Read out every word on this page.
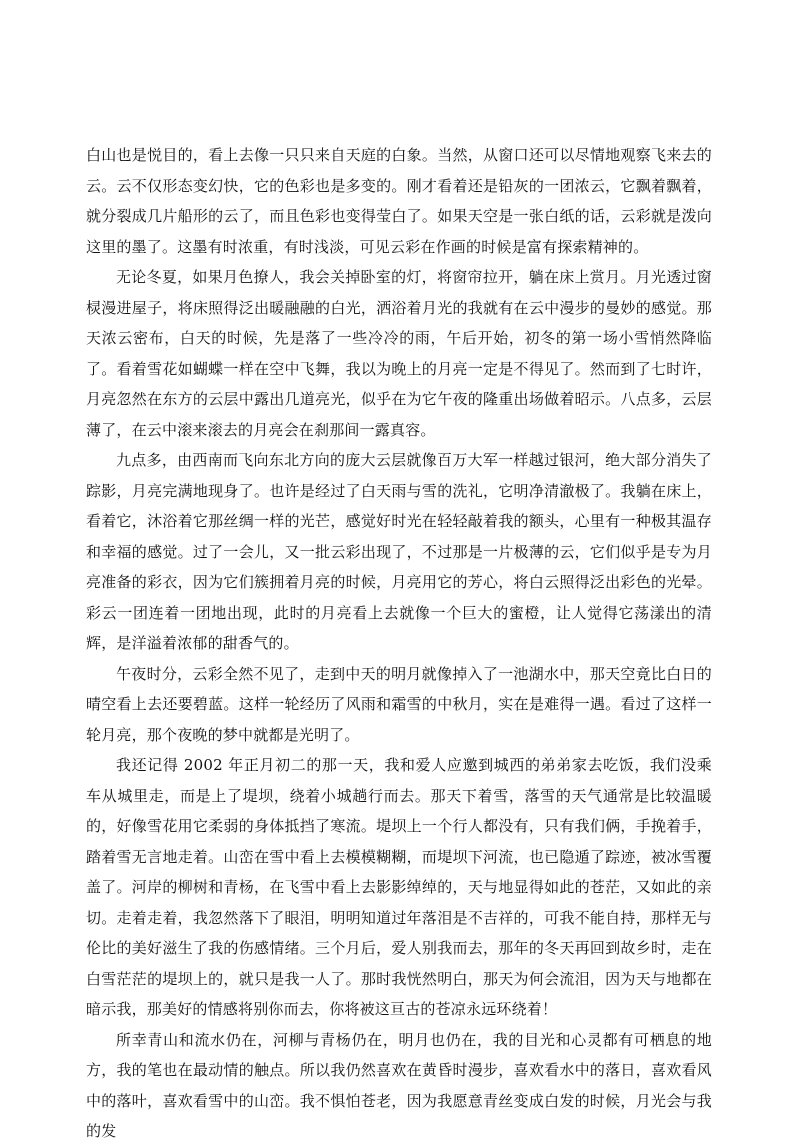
白山也是悦目的，看上去像一只只来自天庭的白象。当然，从窗口还可以尽情地观察飞来去的云。云不仅形态变幻快，它的色彩也是多变的。刚才看着还是铅灰的一团浓云，它飘着飘着，就分裂成几片船形的云了，而且色彩也变得莹白了。如果天空是一张白纸的话，云彩就是泼向这里的墨了。这墨有时浓重，有时浅淡，可见云彩在作画的时候是富有探索精神的。

无论冬夏，如果月色撩人，我会关掉卧室的灯，将窗帘拉开，躺在床上赏月。月光透过窗棂漫进屋子，将床照得泛出暖融融的白光，洒浴着月光的我就有在云中漫步的曼妙的感觉。那天浓云密布，白天的时候，先是落了一些冷冷的雨，午后开始，初冬的第一场小雪悄然降临了。看着雪花如蝴蝶一样在空中飞舞，我以为晚上的月亮一定是不得见了。然而到了七时许，月亮忽然在东方的云层中露出几道亮光，似乎在为它午夜的隆重出场做着昭示。八点多，云层薄了，在云中滚来滚去的月亮会在刹那间一露真容。

九点多，由西南而飞向东北方向的庞大云层就像百万大军一样越过银河，绝大部分消失了踪影，月亮完满地现身了。也许是经过了白天雨与雪的洗礼，它明净清澈极了。我躺在床上，看着它，沐浴着它那丝绸一样的光芒，感觉好时光在轻轻敲着我的额头，心里有一种极其温存和幸福的感觉。过了一会儿，又一批云彩出现了，不过那是一片极薄的云，它们似乎是专为月亮准备的彩衣，因为它们簇拥着月亮的时候，月亮用它的芳心，将白云照得泛出彩色的光晕。彩云一团连着一团地出现，此时的月亮看上去就像一个巨大的蜜橙，让人觉得它荡漾出的清辉，是洋溢着浓郁的甜香气的。

午夜时分，云彩全然不见了，走到中天的明月就像掉入了一池湖水中，那天空竟比白日的晴空看上去还要碧蓝。这样一轮经历了风雨和霜雪的中秋月，实在是难得一遇。看过了这样一轮月亮，那个夜晚的梦中就都是光明了。

我还记得 2002 年正月初二的那一天，我和爱人应邀到城西的弟弟家去吃饭，我们没乘车从城里走，而是上了堤坝，绕着小城趟行而去。那天下着雪，落雪的天气通常是比较温暖的，好像雪花用它柔弱的身体抵挡了寒流。堤坝上一个行人都没有，只有我们俩，手挽着手，踏着雪无言地走着。山峦在雪中看上去模模糊糊，而堤坝下河流，也已隐遁了踪迹，被冰雪覆盖了。河岸的柳树和青杨，在飞雪中看上去影影绰绰的，天与地显得如此的苍茫，又如此的亲切。走着走着，我忽然落下了眼泪，明明知道过年落泪是不吉祥的，可我不能自持，那样无与伦比的美好滋生了我的伤感情绪。三个月后，爱人别我而去，那年的冬天再回到故乡时，走在白雪茫茫的堤坝上的，就只是我一人了。那时我恍然明白，那天为何会流泪，因为天与地都在暗示我，那美好的情感将别你而去，你将被这亘古的苍凉永远环绕着！

所幸青山和流水仍在，河柳与青杨仍在，明月也仍在，我的目光和心灵都有可栖息的地方，我的笔也在最动情的触点。所以我仍然喜欢在黄昏时漫步，喜欢看水中的落日，喜欢看风中的落叶，喜欢看雪中的山峦。我不惧怕苍老，因为我愿意青丝变成白发的时候，月光会与我的发
